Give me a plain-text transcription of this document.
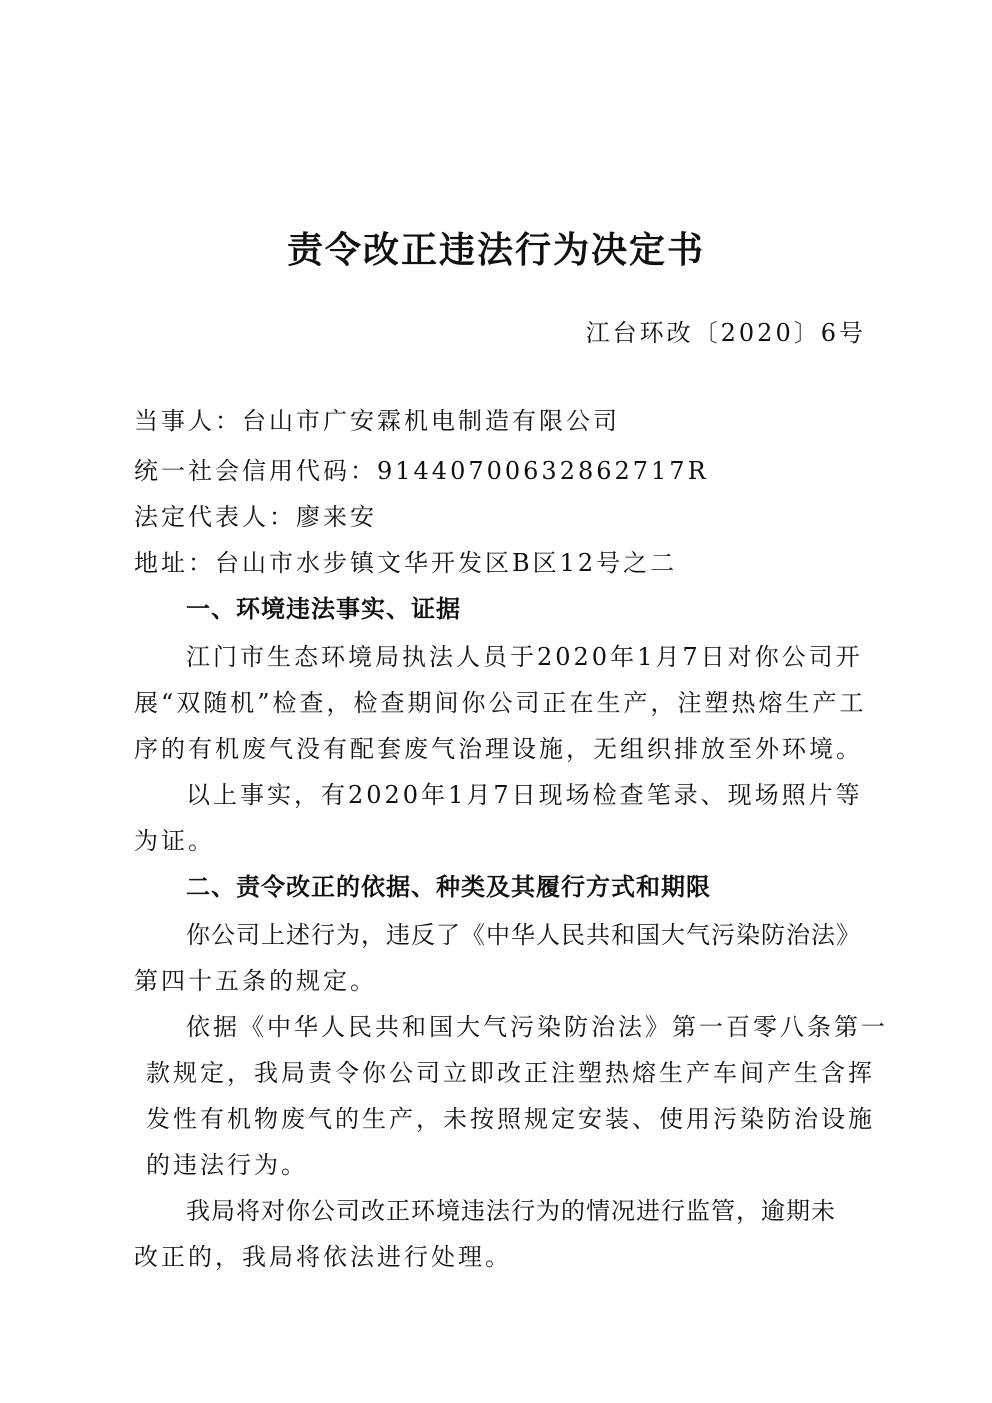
责令改正违法行为决定书
江台环改〔2020〕6号
当事人：台山市广安霖机电制造有限公司
统一社会信用代码：91440700632862717R
法定代表人：廖来安
地址：台山市水步镇文华开发区B区12号之二
一、环境违法事实、证据
江门市生态环境局执法人员于2020年1月7日对你公司开
展“双随机”检查，检查期间你公司正在生产，注塑热熔生产工
序的有机废气没有配套废气治理设施，无组织排放至外环境。
以上事实，有2020年1月7日现场检查笔录、现场照片等
为证。
二、责令改正的依据、种类及其履行方式和期限
你公司上述行为，违反了《中华人民共和国大气污染防治法》
第四十五条的规定。
依据《中华人民共和国大气污染防治法》第一百零八条第一
款规定，我局责令你公司立即改正注塑热熔生产车间产生含挥
发性有机物废气的生产，未按照规定安装、使用污染防治设施
的违法行为。
我局将对你公司改正环境违法行为的情况进行监管，逾期未
改正的，我局将依法进行处理。
